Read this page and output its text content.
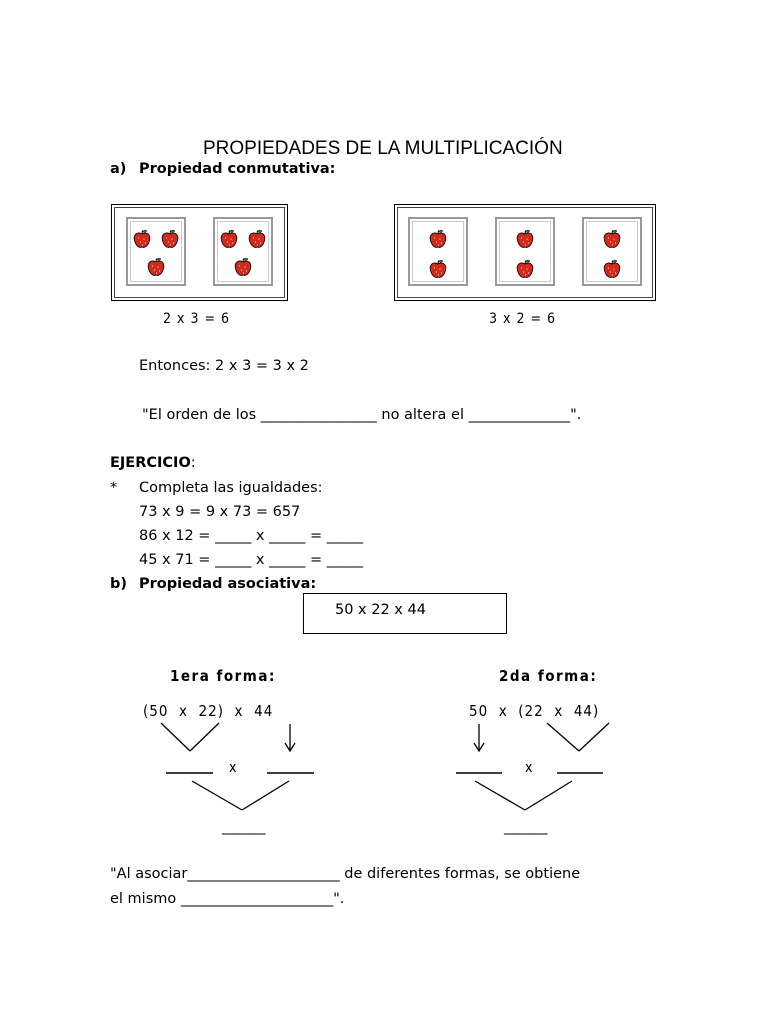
PROPIEDADES DE LA MULTIPLICACIÓN
a) Propiedad conmutativa:
2 x 3 = 6	3 x 2 = 6
Entonces: 2 x 3 = 3 x 2
"El orden de los ________________ no altera el ______________".
EJERCICIO:
* Completa las igualdades:
73 x 9 = 9 x 73 = 657
86 x 12 = _____ x _____ = _____
45 x 71 = _____ x _____ = _____
b) Propiedad asociativa:
50 x 22 x 44
1era forma:
(50  x  22)  x  44
x
______
2da forma:
50  x  (22  x  44)
x
______
"Al asociar_____________________ de diferentes formas, se obtiene
el mismo _____________________".
